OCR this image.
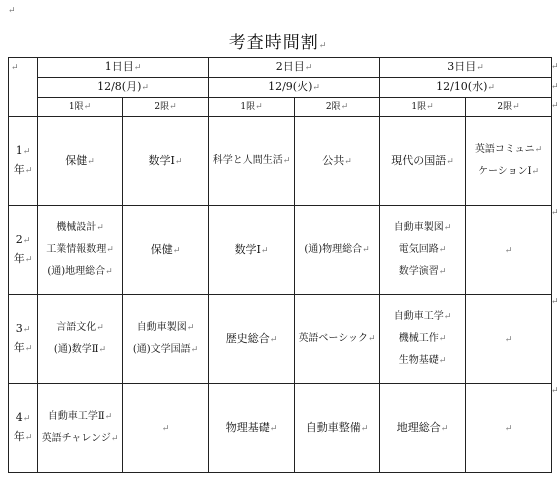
↵
考査時間割↵
↵	1日目↵		2日目↵		3日目↵	
	12/8(月)↵		12/9(火)↵		12/10(水)↵	
	1限↵	2限↵	1限↵	2限↵	1限↵	2限↵

1↵
年↵	保健↵	数学Ⅰ↵	科学と人間生活↵	公共↵	現代の国語↵	英語コミュニ↵
ケーションⅠ↵

2↵
年↵	機械設計↵
工業情報数理↵
(通)地理総合↵	保健↵	数学Ⅰ↵	(通)物理総合↵	自動車製図↵
電気回路↵
数学演習↵	↵

3↵
年↵	言語文化↵
(通)数学Ⅱ↵	自動車製図↵
(通)文学国語↵	歴史総合↵	英語ベーシック↵	自動車工学↵
機械工作↵
生物基礎↵	↵

4↵
年↵	自動車工学Ⅱ↵
英語チャレンジ↵	↵	物理基礎↵	自動車整備↵	地理総合↵	↵
↵
↵
↵
↵
↵
↵
